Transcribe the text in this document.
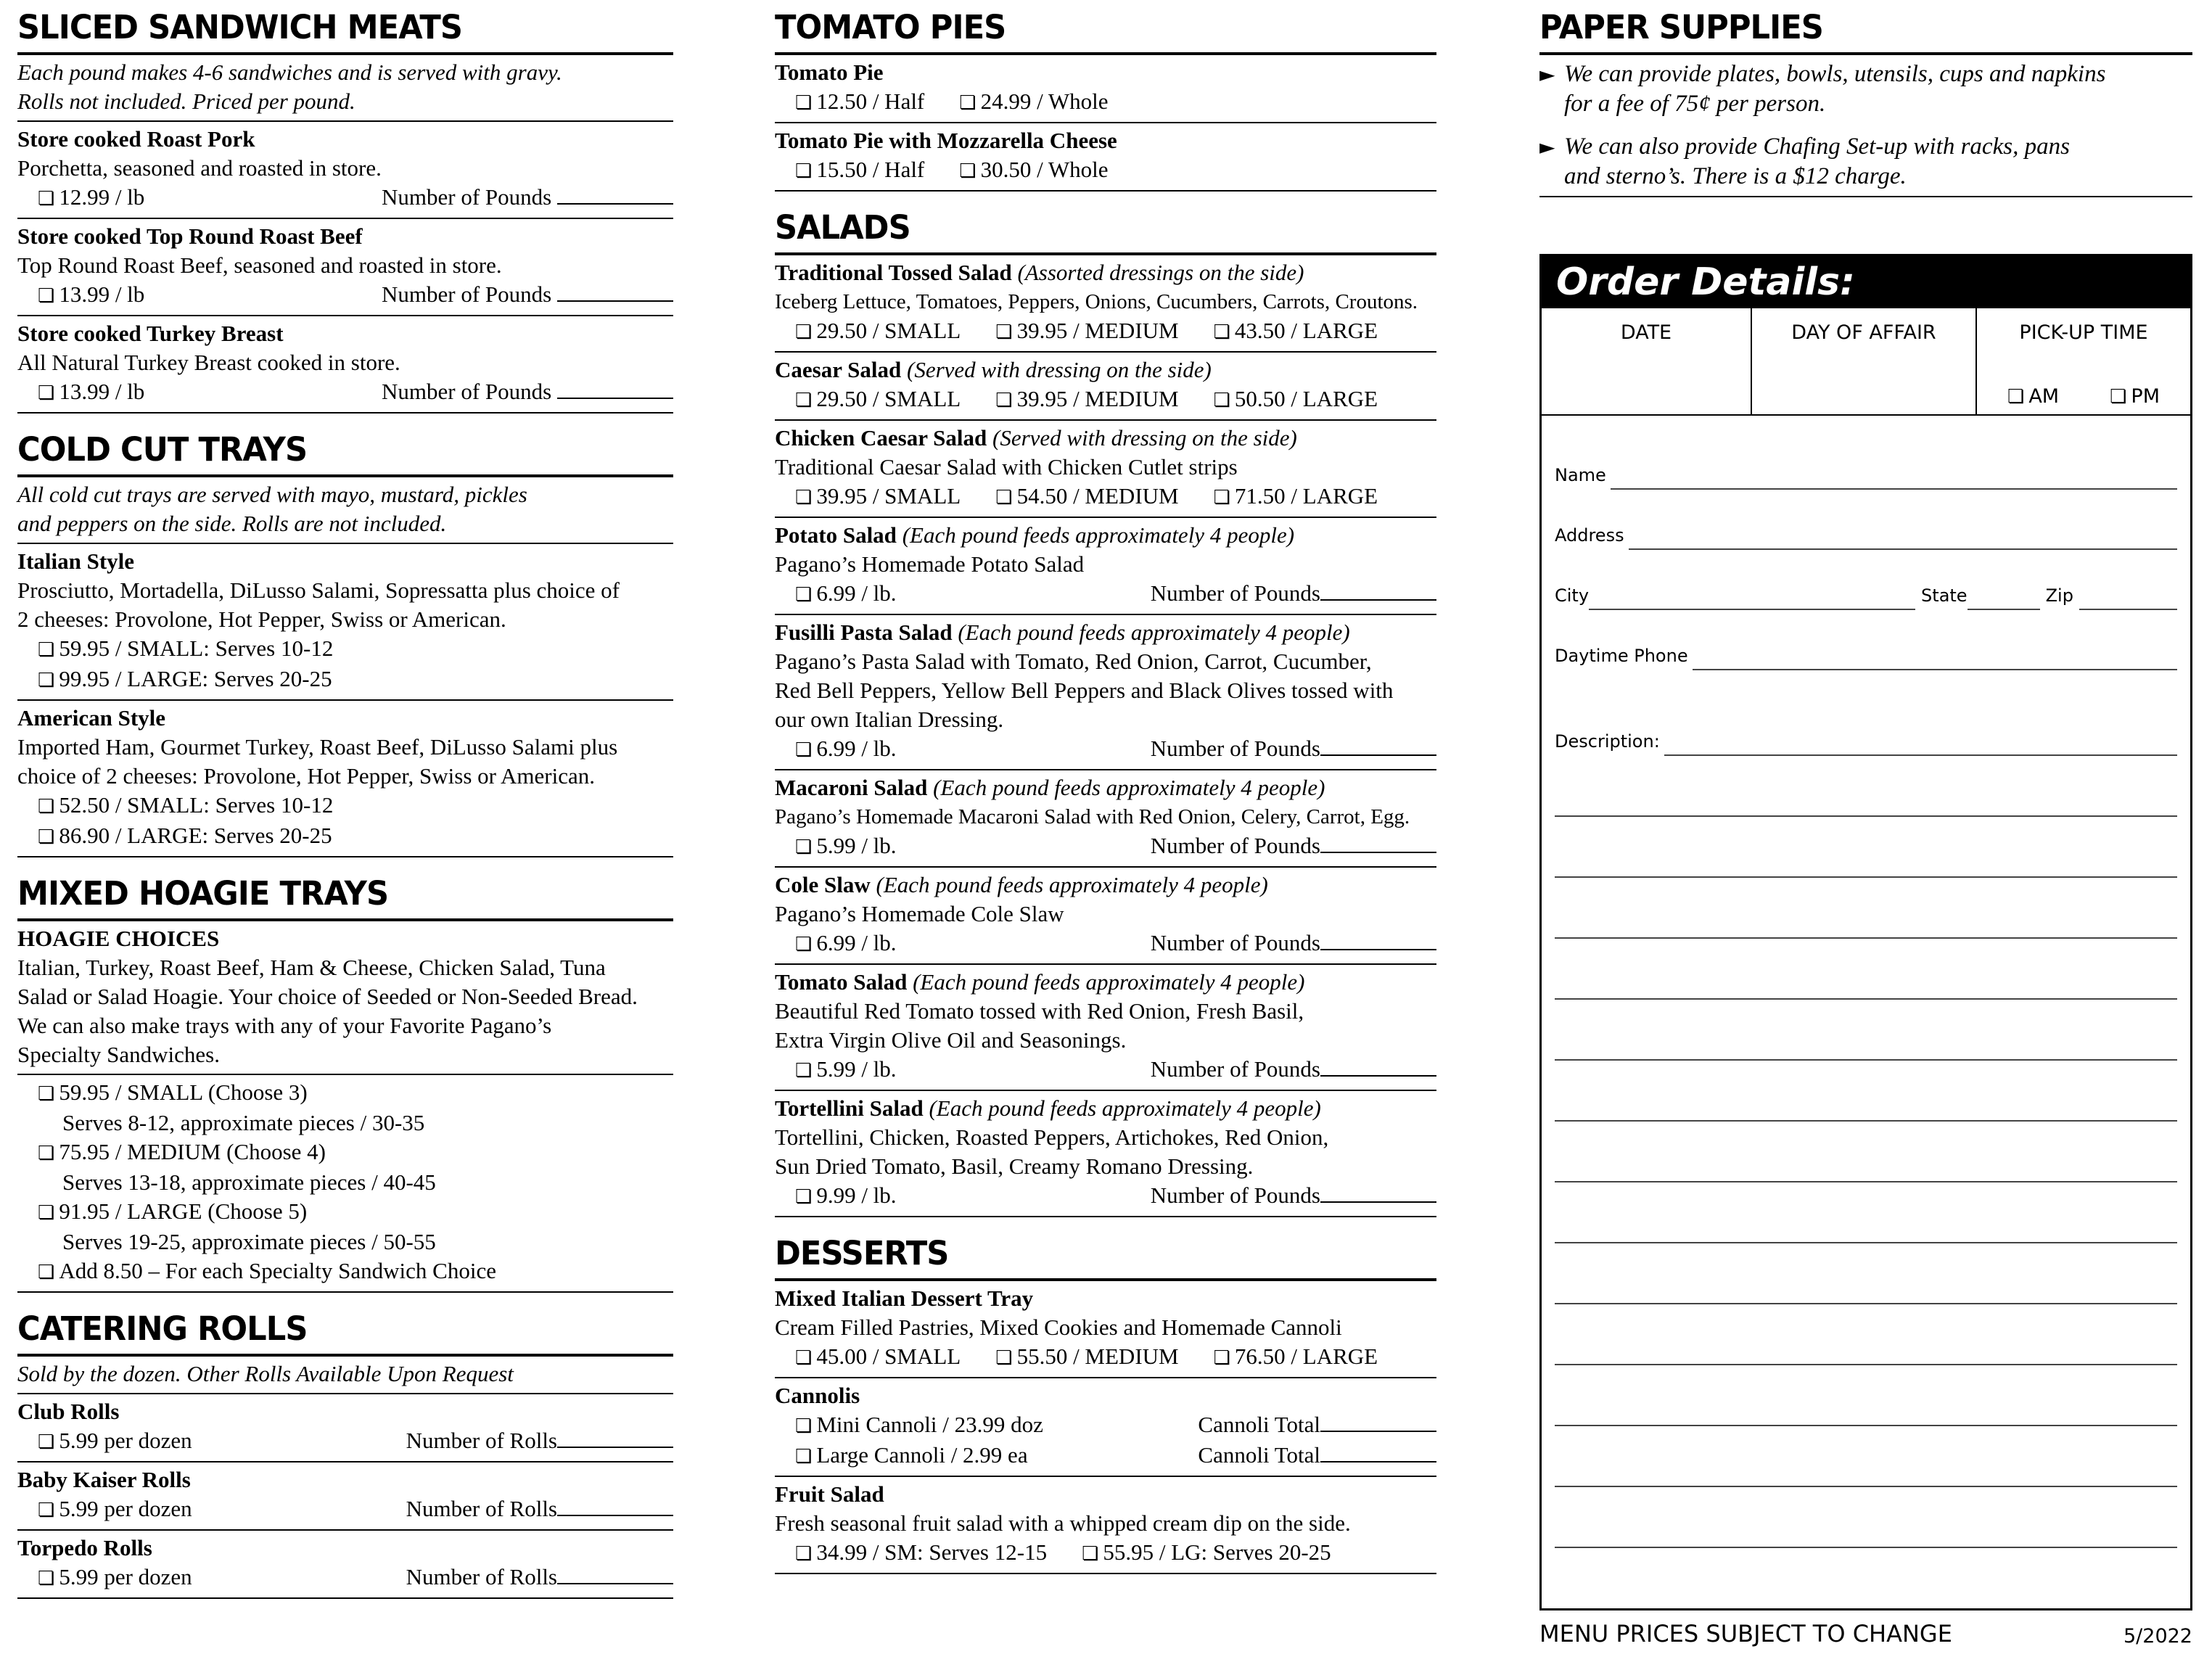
SLICED SANDWICH MEATS
Each pound makes 4-6 sandwiches and is served with gravy.
Rolls not included. Priced per pound.
Store cooked Roast Pork
Porchetta, seasoned and roasted in store.
❏ 12.99 / lb	Number of Pounds
Store cooked Top Round Roast Beef
Top Round Roast Beef, seasoned and roasted in store.
❏ 13.99 / lb	Number of Pounds
Store cooked Turkey Breast
All Natural Turkey Breast cooked in store.
❏ 13.99 / lb	Number of Pounds
COLD CUT TRAYS
All cold cut trays are served with mayo, mustard, pickles
and peppers on the side. Rolls are not included.
Italian Style
Prosciutto, Mortadella, DiLusso Salami, Sopressatta plus choice of
2 cheeses: Provolone, Hot Pepper, Swiss or American.
❏ 59.95 / SMALL: Serves 10-12
❏ 99.95 / LARGE: Serves 20-25
American Style
Imported Ham, Gourmet Turkey, Roast Beef, DiLusso Salami plus
choice of 2 cheeses: Provolone, Hot Pepper, Swiss or American.
❏ 52.50 / SMALL: Serves 10-12
❏ 86.90 / LARGE: Serves 20-25
MIXED HOAGIE TRAYS
HOAGIE CHOICES
Italian, Turkey, Roast Beef, Ham & Cheese, Chicken Salad, Tuna
Salad or Salad Hoagie. Your choice of Seeded or Non-Seeded Bread.
We can also make trays with any of your Favorite Pagano’s
Specialty Sandwiches.
❏ 59.95 / SMALL (Choose 3)
Serves 8-12, approximate pieces / 30-35
❏ 75.95 / MEDIUM (Choose 4)
Serves 13-18, approximate pieces / 40-45
❏ 91.95 / LARGE (Choose 5)
Serves 19-25, approximate pieces / 50-55
❏ Add 8.50 – For each Specialty Sandwich Choice
CATERING ROLLS
Sold by the dozen. Other Rolls Available Upon Request
Club Rolls
❏ 5.99 per dozen	Number of Rolls
Baby Kaiser Rolls
❏ 5.99 per dozen	Number of Rolls
Torpedo Rolls
❏ 5.99 per dozen	Number of Rolls
TOMATO PIES
Tomato Pie
❏ 12.50 / Half	❏ 24.99 / Whole
Tomato Pie with Mozzarella Cheese
❏ 15.50 / Half	❏ 30.50 / Whole
SALADS
Traditional Tossed Salad (Assorted dressings on the side)
Iceberg Lettuce, Tomatoes, Peppers, Onions, Cucumbers, Carrots, Croutons.
❏ 29.50 / SMALL	❏ 39.95 / MEDIUM	❏ 43.50 / LARGE
Caesar Salad (Served with dressing on the side)
❏ 29.50 / SMALL	❏ 39.95 / MEDIUM	❏ 50.50 / LARGE
Chicken Caesar Salad (Served with dressing on the side)
Traditional Caesar Salad with Chicken Cutlet strips
❏ 39.95 / SMALL	❏ 54.50 / MEDIUM	❏ 71.50 / LARGE
Potato Salad (Each pound feeds approximately 4 people)
Pagano’s Homemade Potato Salad
❏ 6.99 / lb.	Number of Pounds
Fusilli Pasta Salad (Each pound feeds approximately 4 people)
Pagano’s Pasta Salad with Tomato, Red Onion, Carrot, Cucumber,
Red Bell Peppers, Yellow Bell Peppers and Black Olives tossed with
our own Italian Dressing.
❏ 6.99 / lb.	Number of Pounds
Macaroni Salad (Each pound feeds approximately 4 people)
Pagano’s Homemade Macaroni Salad with Red Onion, Celery, Carrot, Egg.
❏ 5.99 / lb.	Number of Pounds
Cole Slaw (Each pound feeds approximately 4 people)
Pagano’s Homemade Cole Slaw
❏ 6.99 / lb.	Number of Pounds
Tomato Salad (Each pound feeds approximately 4 people)
Beautiful Red Tomato tossed with Red Onion, Fresh Basil,
Extra Virgin Olive Oil and Seasonings.
❏ 5.99 / lb.	Number of Pounds
Tortellini Salad (Each pound feeds approximately 4 people)
Tortellini, Chicken, Roasted Peppers, Artichokes, Red Onion,
Sun Dried Tomato, Basil, Creamy Romano Dressing.
❏ 9.99 / lb.	Number of Pounds
DESSERTS
Mixed Italian Dessert Tray
Cream Filled Pastries, Mixed Cookies and Homemade Cannoli
❏ 45.00 / SMALL	❏ 55.50 / MEDIUM	❏ 76.50 / LARGE
Cannolis
❏ Mini Cannoli / 23.99 doz	Cannoli Total
❏ Large Cannoli / 2.99 ea	Cannoli Total
Fruit Salad
Fresh seasonal fruit salad with a whipped cream dip on the side.
❏ 34.99 / SM: Serves 12-15	❏ 55.95 / LG: Serves 20-25
PAPER SUPPLIES
► We can provide plates, bowls, utensils, cups and napkins
for a fee of 75¢ per person.
► We can also provide Chafing Set-up with racks, pans
and sterno’s. There is a $12 charge.
Order Details:
DATE	DAY OF AFFAIR	PICK-UP TIME
❏ AM	❏ PM
Name
Address
City	State	Zip
Daytime Phone
Description:
MENU PRICES SUBJECT TO CHANGE	5/2022
